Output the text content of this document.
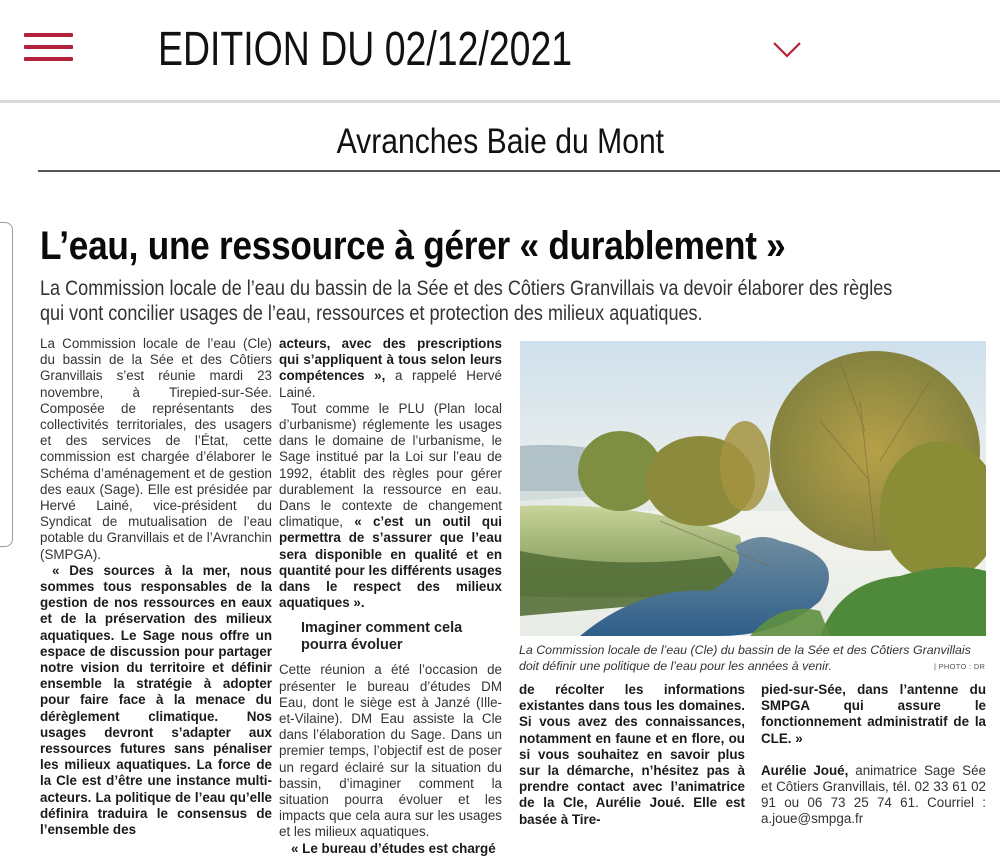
EDITION DU 02/12/2021
Avranches Baie du Mont
L’eau, une ressource à gérer « durablement »
La Commission locale de l’eau du bassin de la Sée et des Côtiers Granvillais va devoir élaborer des règles qui vont concilier usages de l’eau, ressources et protection des milieux aquatiques.

La Commission locale de l’eau (Cle) du bassin de la Sée et des Côtiers Granvillais s’est réunie mardi 23 novembre, à Tirepied-sur-Sée. Composée de représentants des collectivités territoriales, des usagers et des services de l’État, cette commission est chargée d’élaborer le Schéma d’aménagement et de gestion des eaux (Sage). Elle est présidée par Hervé Lainé, vice-président du Syndicat de mutualisation de l’eau potable du Granvillais et de l’Avranchin (SMPGA).

« Des sources à la mer, nous sommes tous responsables de la gestion de nos ressources en eaux et de la préservation des milieux aquatiques. Le Sage nous offre un espace de discussion pour partager notre vision du territoire et définir ensemble la stratégie à adopter pour faire face à la menace du dérèglement climatique. Nos usages devront s’adapter aux ressources futures sans pénaliser les milieux aquatiques. La force de la Cle est d’être une instance multi-acteurs. La politique de l’eau qu’elle définira traduira le consensus de l’ensemble des

acteurs, avec des prescriptions qui s’appliquent à tous selon leurs compétences », a rappelé Hervé Lainé.

Tout comme le PLU (Plan local d’urbanisme) réglemente les usages dans le domaine de l’urbanisme, le Sage institué par la Loi sur l’eau de 1992, établit des règles pour gérer durablement la ressource en eau. Dans le contexte de changement climatique, « c’est un outil qui permettra de s’assurer que l’eau sera disponible en qualité et en quantité pour les différents usages dans le respect des milieux aquatiques ».

Imaginer comment cela pourra évoluer

Cette réunion a été l’occasion de présenter le bureau d’études DM Eau, dont le siège est à Janzé (Ille-et-Vilaine). DM Eau assiste la Cle dans l’élaboration du Sage. Dans un premier temps, l’objectif est de poser un regard éclairé sur la situation du bassin, d’imaginer comment la situation pourra évoluer et les impacts que cela aura sur les usages et les milieux aquatiques.

« Le bureau d’études est chargé

La Commission locale de l’eau (Cle) du bassin de la Sée et des Côtiers Granvillais doit définir une politique de l’eau pour les années à venir.	| PHOTO : DR

de récolter les informations existantes dans tous les domaines. Si vous avez des connaissances, notamment en faune et en flore, ou si vous souhaitez en savoir plus sur la démarche, n’hésitez pas à prendre contact avec l’animatrice de la Cle, Aurélie Joué. Elle est basée à Tire-

pied-sur-Sée, dans l’antenne du SMPGA qui assure le fonctionnement administratif de la CLE. »

Aurélie Joué, animatrice Sage Sée et Côtiers Granvillais, tél. 02 33 61 02 91 ou 06 73 25 74 61. Courriel : a.joue@smpga.fr
